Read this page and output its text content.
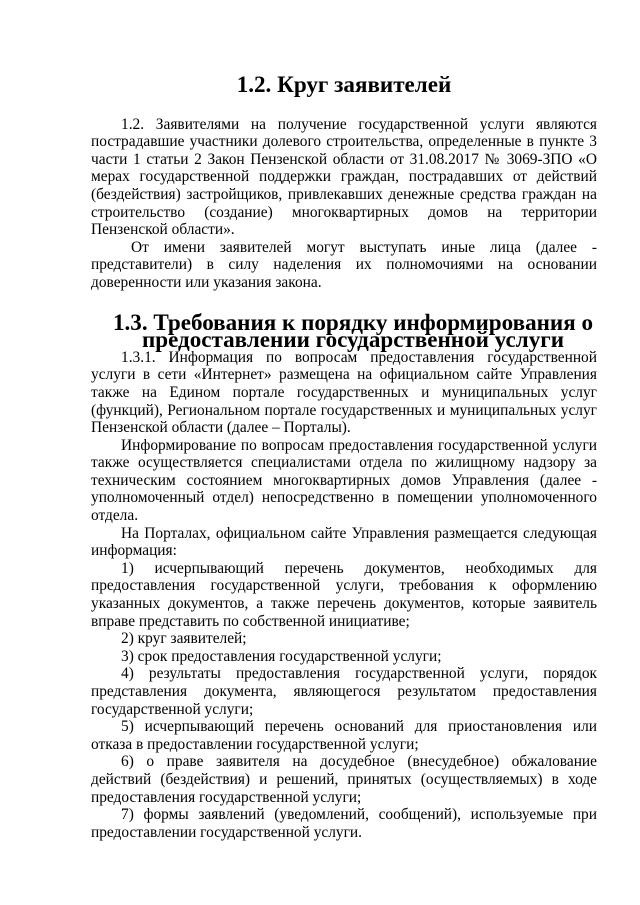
1.2. Круг заявителей

1.2. Заявителями на получение государственной услуги являются пострадавшие участники долевого строительства, определенные в пункте 3 части 1 статьи 2 Закон Пензенской области от 31.08.2017 № 3069-ЗПО «О мерах государственной поддержки граждан, пострадавших от действий (бездействия) застройщиков, привлекавших денежные средства граждан на строительство (создание) многоквартирных домов на территории Пензенской области».

От имени заявителей могут выступать иные лица (далее - представители) в силу наделения их полномочиями на основании доверенности или указания закона.

1.3. Требования к порядку информирования о предоставлении государственной услуги

1.3.1. Информация по вопросам предоставления государственной услуги в сети «Интернет» размещена на официальном сайте Управления также на Едином портале государственных и муниципальных услуг (функций), Региональном портале государственных и муниципальных услуг Пензенской области (далее – Порталы).

Информирование по вопросам предоставления государственной услуги также осуществляется специалистами отдела по жилищному надзору за техническим состоянием многоквартирных домов Управления (далее - уполномоченный отдел) непосредственно в помещении уполномоченного отдела.

На Порталах, официальном сайте Управления размещается следующая информация:

1) исчерпывающий перечень документов, необходимых для предоставления государственной услуги, требования к оформлению указанных документов, а также перечень документов, которые заявитель вправе представить по собственной инициативе;

2) круг заявителей;

3) срок предоставления государственной услуги;

4) результаты предоставления государственной услуги, порядок представления документа, являющегося результатом предоставления государственной услуги;

5) исчерпывающий перечень оснований для приостановления или отказа в предоставлении государственной услуги;

6) о праве заявителя на досудебное (внесудебное) обжалование действий (бездействия) и решений, принятых (осуществляемых) в ходе предоставления государственной услуги;

7) формы заявлений (уведомлений, сообщений), используемые при предоставлении государственной услуги.
